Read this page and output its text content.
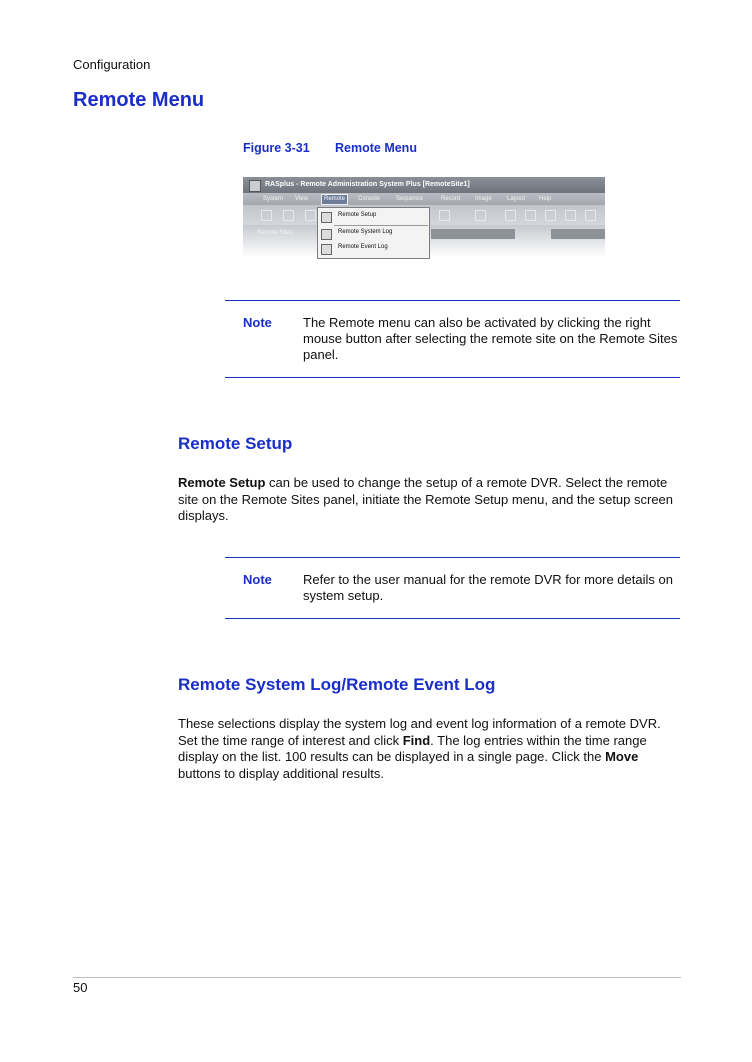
Configuration
Remote Menu
Figure 3-31 Remote Menu
RASplus - Remote Administration System Plus [RemoteSite1]
System View	Remote	Console	Sequence	Record Image	Layout Help
Remote Sites
Remote Setup
Remote System Log
Remote Event Log
Note The Remote menu can also be activated by clicking the right mouse button after selecting the remote site on the Remote Sites panel.
Remote Setup
Remote Setup can be used to change the setup of a remote DVR. Select the remote site on the Remote Sites panel, initiate the Remote Setup menu, and the setup screen displays.
Note Refer to the user manual for the remote DVR for more details on system setup.
Remote System Log/Remote Event Log
These selections display the system log and event log information of a remote DVR. Set the time range of interest and click Find. The log entries within the time range display on the list. 100 results can be displayed in a single page. Click the Move buttons to display additional results.
50
